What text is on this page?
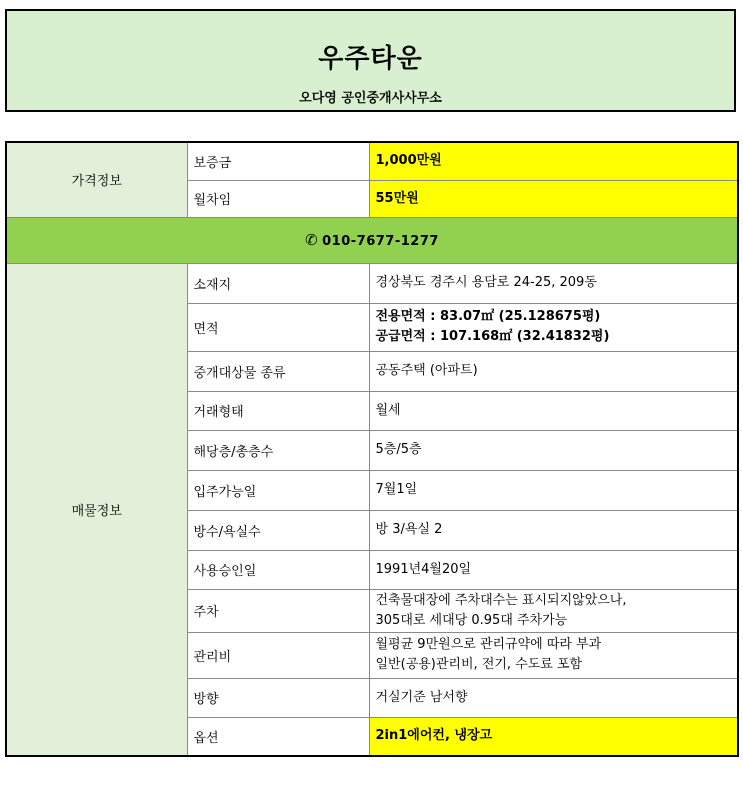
우주타운
오다영 공인중개사사무소
가격정보	보증금	1,000만원
	월차임	55만원
✆ 010-7677-1277		
매물정보	소재지	경상북도 경주시 용담로 24-25, 209동

	면적	전용면적 : 83.07㎡ (25.128675평)
공급면적 : 107.168㎡ (32.41832평)

	중개대상물 종류	공동주택 (아파트)

	거래형태	월세

	해당층/총층수	5층/5층

	입주가능일	7월1일

	방수/욕실수	방 3/욕실 2

	사용승인일	1991년4월20일

	주차	건축물대장에 주차대수는 표시되지않았으나,
305대로 세대당 0.95대 주차가능

	관리비	월평균 9만원으로 관리규약에 따라 부과
일반(공용)관리비, 전기, 수도료 포함

	방향	거실기준 남서향

	옵션	2in1에어컨, 냉장고
